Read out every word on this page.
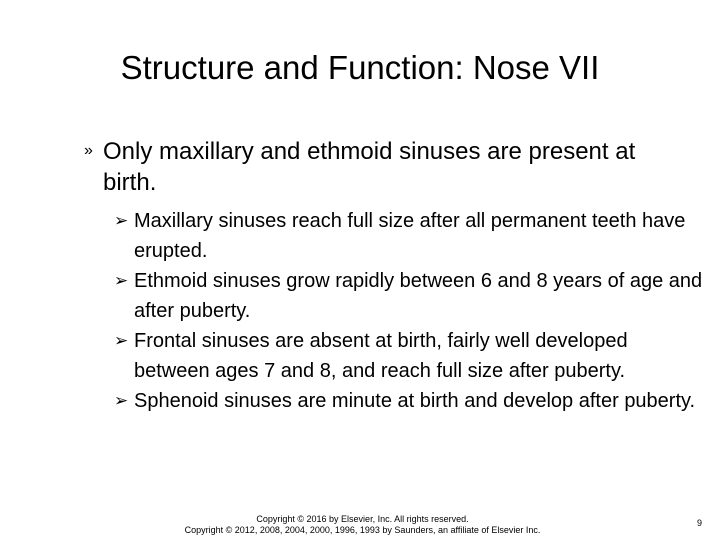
Structure and Function: Nose VII
» Only maxillary and ethmoid sinuses are present at birth.
➢ Maxillary sinuses reach full size after all permanent teeth have erupted.
➢ Ethmoid sinuses grow rapidly between 6 and 8 years of age and after puberty.
➢ Frontal sinuses are absent at birth, fairly well developed between ages 7 and 8, and reach full size after puberty.
➢ Sphenoid sinuses are minute at birth and develop after puberty.
Copyright © 2016 by Elsevier, Inc. All rights reserved.
Copyright © 2012, 2008, 2004, 2000, 1996, 1993 by Saunders, an affiliate of Elsevier Inc.
9
